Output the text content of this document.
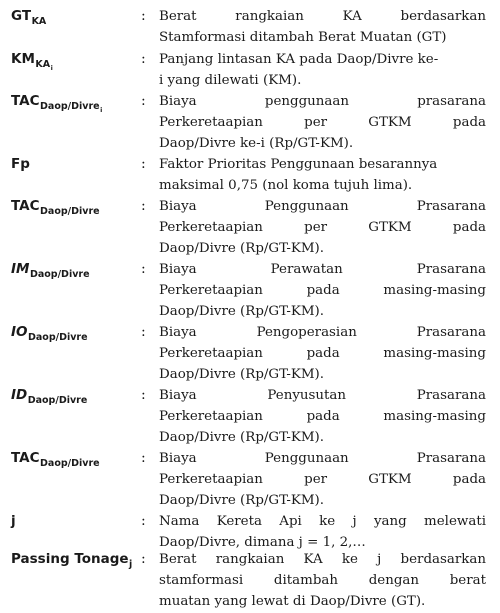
$GT_{KA}$	: Berat rangkaian KA berdasarkan
Stamformasi ditambah Berat Muatan (GT)
$KM_{KAi}$
: Panjang lintasan KA pada Daop/Divre ke-
i yang dilewati (KM).
$TAC_{Daop/Divrei}$
: Biaya penggunaan prasarana
Perkeretaapian per GTKM pada
Daop/Divre ke-i (Rp/GT-KM).
Fp	: Faktor Prioritas Penggunaan besarannya
maksimal 0,75 (nol koma tujuh lima).
$TAC_{Daop/Divre}$	: Biaya Penggunaan Prasarana
Perkeretaapian per GTKM pada
Daop/Divre (Rp/GT-KM).
$IM_{Daop/Divre}$	: Biaya Perawatan Prasarana
Perkeretaapian pada masing-masing
Daop/Divre (Rp/GT-KM).
$IO_{Daop/Divre}$	: Biaya Pengoperasian Prasarana
Perkeretaapian pada masing-masing
Daop/Divre (Rp/GT-KM).
$ID_{Daop/Divre}$	: Biaya Penyusutan Prasarana
Perkeretaapian pada masing-masing
Daop/Divre (Rp/GT-KM).
$TAC_{Daop/Divre}$	: Biaya Penggunaan Prasarana
Perkeretaapian per GTKM pada
Daop/Divre (Rp/GT-KM).
j	: Nama Kereta Api ke j yang melewati
Daop/Divre, dimana j = 1, 2,…
Passing Tonage$_j$ : Berat rangkaian KA ke j berdasarkan
stamformasi ditambah dengan berat
muatan yang lewat di Daop/Divre (GT).
